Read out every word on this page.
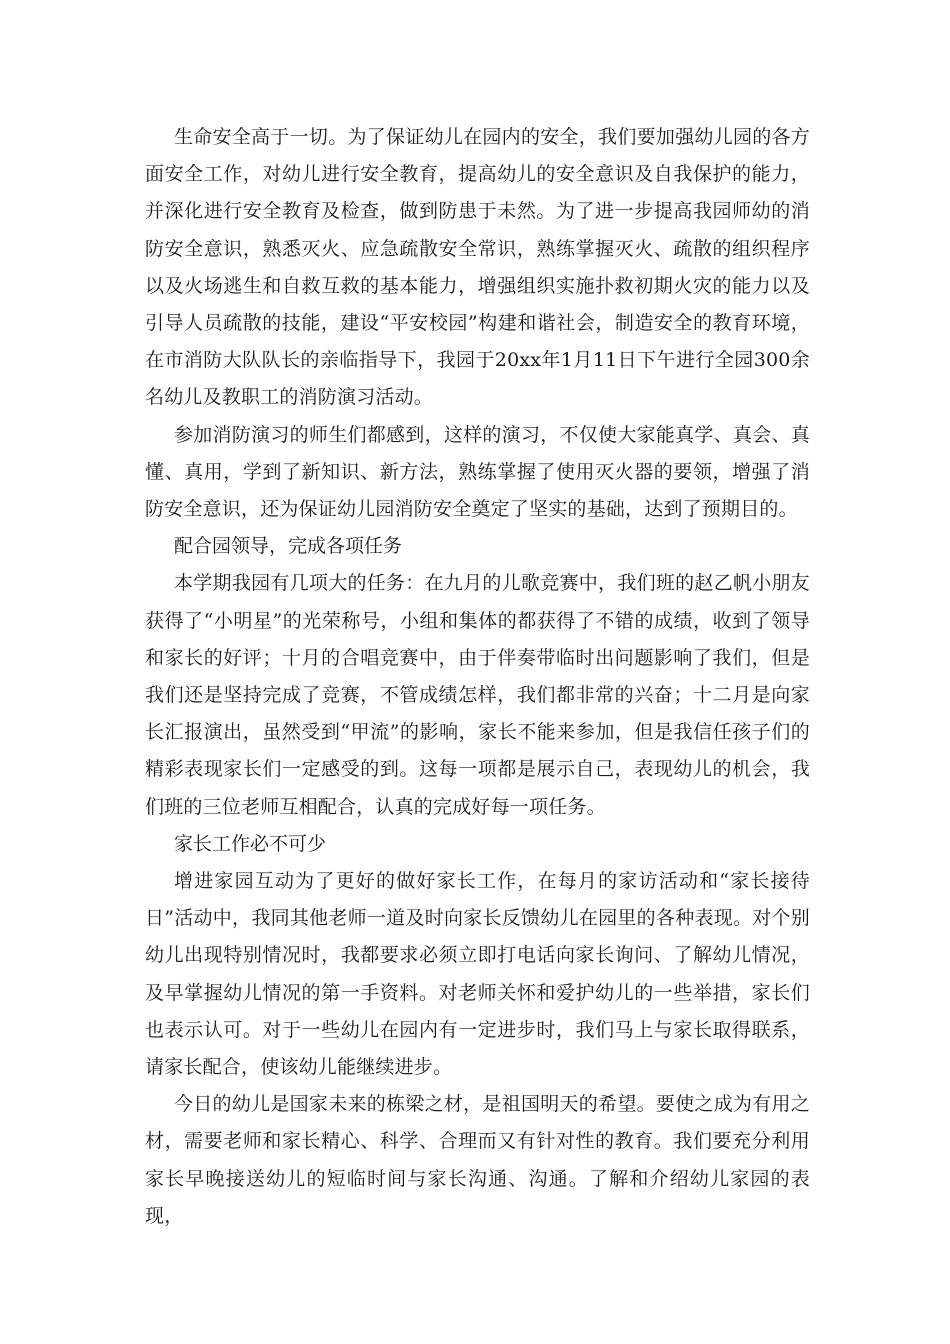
生命安全高于一切。为了保证幼儿在园内的安全，我们要加强幼儿园的各方面安全工作，对幼儿进行安全教育，提高幼儿的安全意识及自我保护的能力，并深化进行安全教育及检查，做到防患于未然。为了进一步提高我园师幼的消防安全意识，熟悉灭火、应急疏散安全常识，熟练掌握灭火、疏散的组织程序以及火场逃生和自救互救的基本能力，增强组织实施扑救初期火灾的能力以及引导人员疏散的技能，建设“平安校园”构建和谐社会，制造安全的教育环境，在市消防大队队长的亲临指导下，我园于20xx年1月11日下午进行全园300余名幼儿及教职工的消防演习活动。

参加消防演习的师生们都感到，这样的演习，不仅使大家能真学、真会、真懂、真用，学到了新知识、新方法，熟练掌握了使用灭火器的要领，增强了消防安全意识，还为保证幼儿园消防安全奠定了坚实的基础，达到了预期目的。

配合园领导，完成各项任务

本学期我园有几项大的任务：在九月的儿歌竞赛中，我们班的赵乙帆小朋友获得了“小明星”的光荣称号，小组和集体的都获得了不错的成绩，收到了领导和家长的好评；十月的合唱竞赛中，由于伴奏带临时出问题影响了我们，但是我们还是坚持完成了竞赛，不管成绩怎样，我们都非常的兴奋；十二月是向家长汇报演出，虽然受到“甲流”的影响，家长不能来参加，但是我信任孩子们的精彩表现家长们一定感受的到。这每一项都是展示自己，表现幼儿的机会，我们班的三位老师互相配合，认真的完成好每一项任务。

家长工作必不可少

增进家园互动为了更好的做好家长工作，在每月的家访活动和“家长接待日”活动中，我同其他老师一道及时向家长反馈幼儿在园里的各种表现。对个别幼儿出现特别情况时，我都要求必须立即打电话向家长询问、了解幼儿情况，及早掌握幼儿情况的第一手资料。对老师关怀和爱护幼儿的一些举措，家长们也表示认可。对于一些幼儿在园内有一定进步时，我们马上与家长取得联系，请家长配合，使该幼儿能继续进步。

今日的幼儿是国家未来的栋梁之材，是祖国明天的希望。要使之成为有用之材，需要老师和家长精心、科学、合理而又有针对性的教育。我们要充分利用家长早晚接送幼儿的短临时间与家长沟通、沟通。了解和介绍幼儿家园的表现，
